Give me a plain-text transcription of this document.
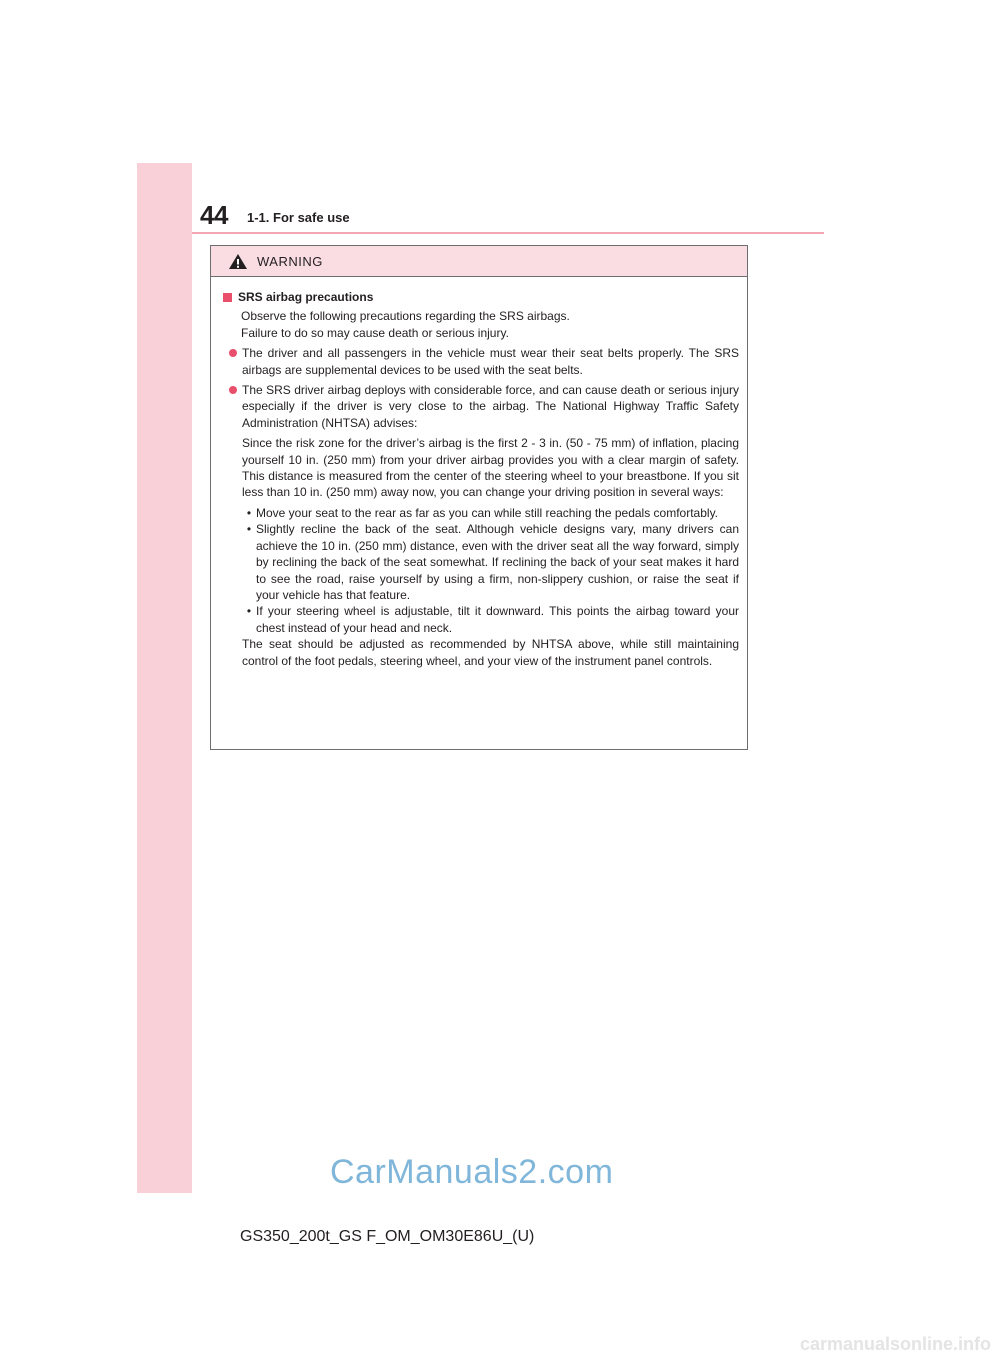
44 1-1. For safe use
WARNING
SRS airbag precautions
Observe the following precautions regarding the SRS airbags.
Failure to do so may cause death or serious injury.
The driver and all passengers in the vehicle must wear their seat belts properly. The SRS airbags are supplemental devices to be used with the seat belts.
The SRS driver airbag deploys with considerable force, and can cause death or serious injury especially if the driver is very close to the airbag. The National Highway Traffic Safety Administration (NHTSA) advises:
Since the risk zone for the driver’s airbag is the first 2 - 3 in. (50 - 75 mm) of inflation, placing yourself 10 in. (250 mm) from your driver airbag provides you with a clear margin of safety. This distance is measured from the center of the steering wheel to your breastbone. If you sit less than 10 in. (250 mm) away now, you can change your driving position in several ways:
• Move your seat to the rear as far as you can while still reaching the pedals comfortably.
• Slightly recline the back of the seat. Although vehicle designs vary, many drivers can achieve the 10 in. (250 mm) distance, even with the driver seat all the way forward, simply by reclining the back of the seat somewhat. If reclining the back of your seat makes it hard to see the road, raise yourself by using a firm, non-slippery cushion, or raise the seat if your vehicle has that feature.
• If your steering wheel is adjustable, tilt it downward. This points the airbag toward your chest instead of your head and neck.
The seat should be adjusted as recommended by NHTSA above, while still maintaining control of the foot pedals, steering wheel, and your view of the instrument panel controls.
CarManuals2.com
GS350_200t_GS F_OM_OM30E86U_(U)
carmanualsonline.info
